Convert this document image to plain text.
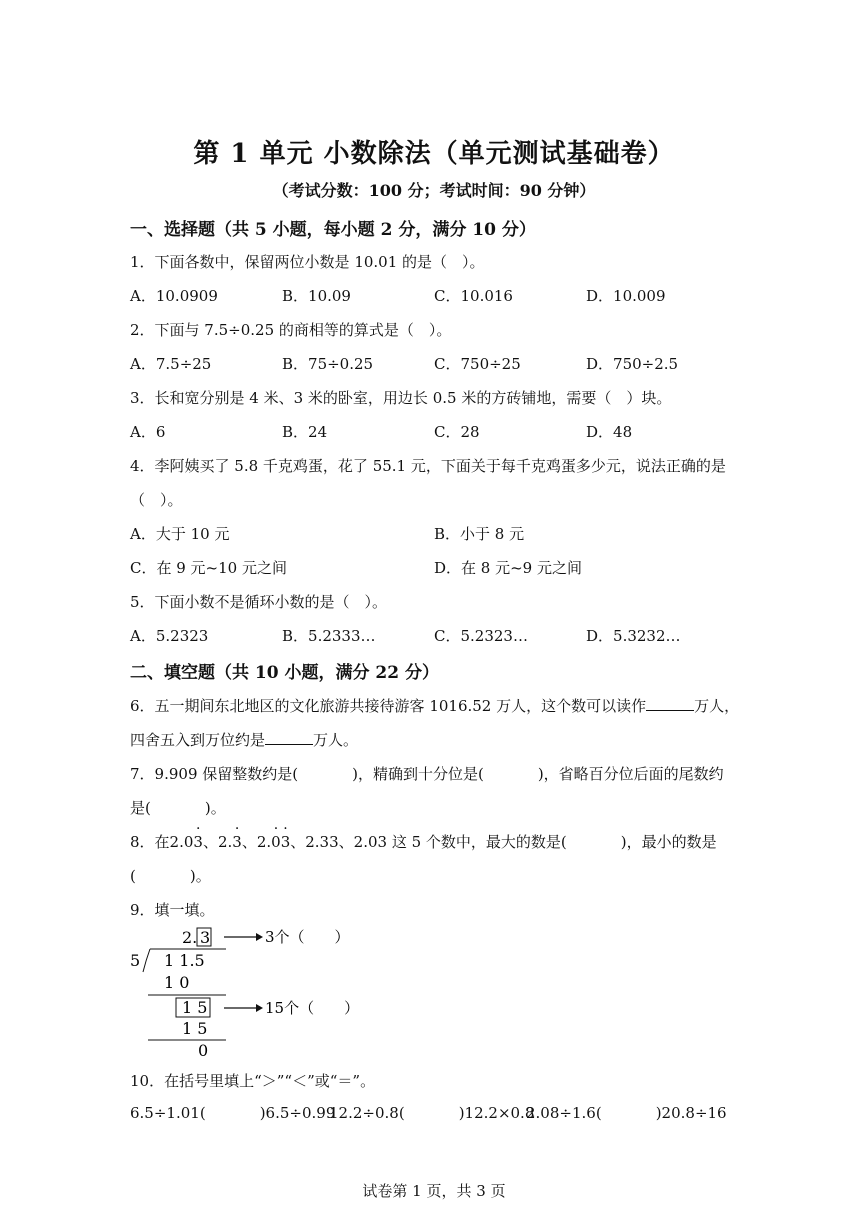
第 1 单元 小数除法（单元测试基础卷）
（考试分数：100 分；考试时间：90 分钟）
一、选择题（共 5 小题，每小题 2 分，满分 10 分）
1．下面各数中，保留两位小数是 10.01 的是（　）。
A．10.0909	B．10.09	C．10.016	D．10.009
2．下面与 7.5÷0.25 的商相等的算式是（　）。
A．7.5÷25	B．75÷0.25	C．750÷25	D．750÷2.5
3．长和宽分别是 4 米、3 米的卧室，用边长 0.5 米的方砖铺地，需要（　）块。
A．6	B．24	C．28	D．48
4．李阿姨买了 5.8 千克鸡蛋，花了 55.1 元，下面关于每千克鸡蛋多少元，说法正确的是
（　）。
A．大于 10 元	B．小于 8 元
C．在 9 元~10 元之间	D．在 8 元~9 元之间
5．下面小数不是循环小数的是（　）。
A．5.2323	B．5.2333…	C．5.2323…	D．5.3232…
二、填空题（共 10 小题，满分 22 分）
6．五一期间东北地区的文化旅游共接待游客 1016.52 万人，这个数可以读作	万人，
四舍五入到万位约是	万人。
7．9.909 保留整数约是(	)，精确到十分位是(	)，省略百分位后面的尾数约
是(	)。
8．在2.03 ·、2.3 ·、2.0 ·3 ·、2.33、2.03 这 5 个数中，最大的数是(	)，最小的数是
(	)。
9．填一填。
2. 3	3个（　　）
5 1 1.5
1 0
1 5	15个（　　）
1 5
0
10．在括号里填上“＞”“＜”或“＝”。
6.5÷1.01(	)6.5÷0.99
12.2÷0.8(	)12.2×0.8
2.08÷1.6(	)20.8÷16
试卷第 1 页，共 3 页
